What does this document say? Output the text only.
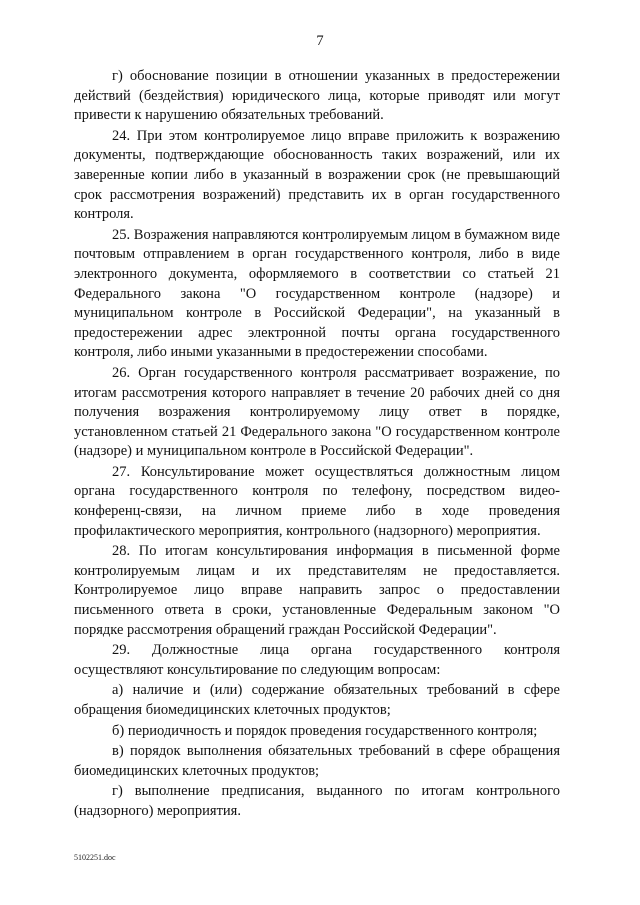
7

г) обоснование позиции в отношении указанных в предостережении действий (бездействия) юридического лица, которые приводят или могут привести к нарушению обязательных требований.

24. При этом контролируемое лицо вправе приложить к возражению документы, подтверждающие обоснованность таких возражений, или их заверенные копии либо в указанный в возражении срок (не превышающий срок рассмотрения возражений) представить их в орган государственного контроля.

25. Возражения направляются контролируемым лицом в бумажном виде почтовым отправлением в орган государственного контроля, либо в виде электронного документа, оформляемого в соответствии со статьей 21 Федерального закона "О государственном контроле (надзоре) и муниципальном контроле в Российской Федерации", на указанный в предостережении адрес электронной почты органа государственного контроля, либо иными указанными в предостережении способами.

26. Орган государственного контроля рассматривает возражение, по итогам рассмотрения которого направляет в течение 20 рабочих дней со дня получения возражения контролируемому лицу ответ в порядке, установленном статьей 21 Федерального закона "О государственном контроле (надзоре) и муниципальном контроле в Российской Федерации".

27. Консультирование может осуществляться должностным лицом органа государственного контроля по телефону, посредством видео-конференц-связи, на личном приеме либо в ходе проведения профилактического мероприятия, контрольного (надзорного) мероприятия.

28. По итогам консультирования информация в письменной форме контролируемым лицам и их представителям не предоставляется. Контролируемое лицо вправе направить запрос о предоставлении письменного ответа в сроки, установленные Федеральным законом "О порядке рассмотрения обращений граждан Российской Федерации".

29. Должностные лица органа государственного контроля осуществляют консультирование по следующим вопросам:

а) наличие и (или) содержание обязательных требований в сфере обращения биомедицинских клеточных продуктов;

б) периодичность и порядок проведения государственного контроля;

в) порядок выполнения обязательных требований в сфере обращения биомедицинских клеточных продуктов;

г) выполнение предписания, выданного по итогам контрольного (надзорного) мероприятия.

5102251.doc
